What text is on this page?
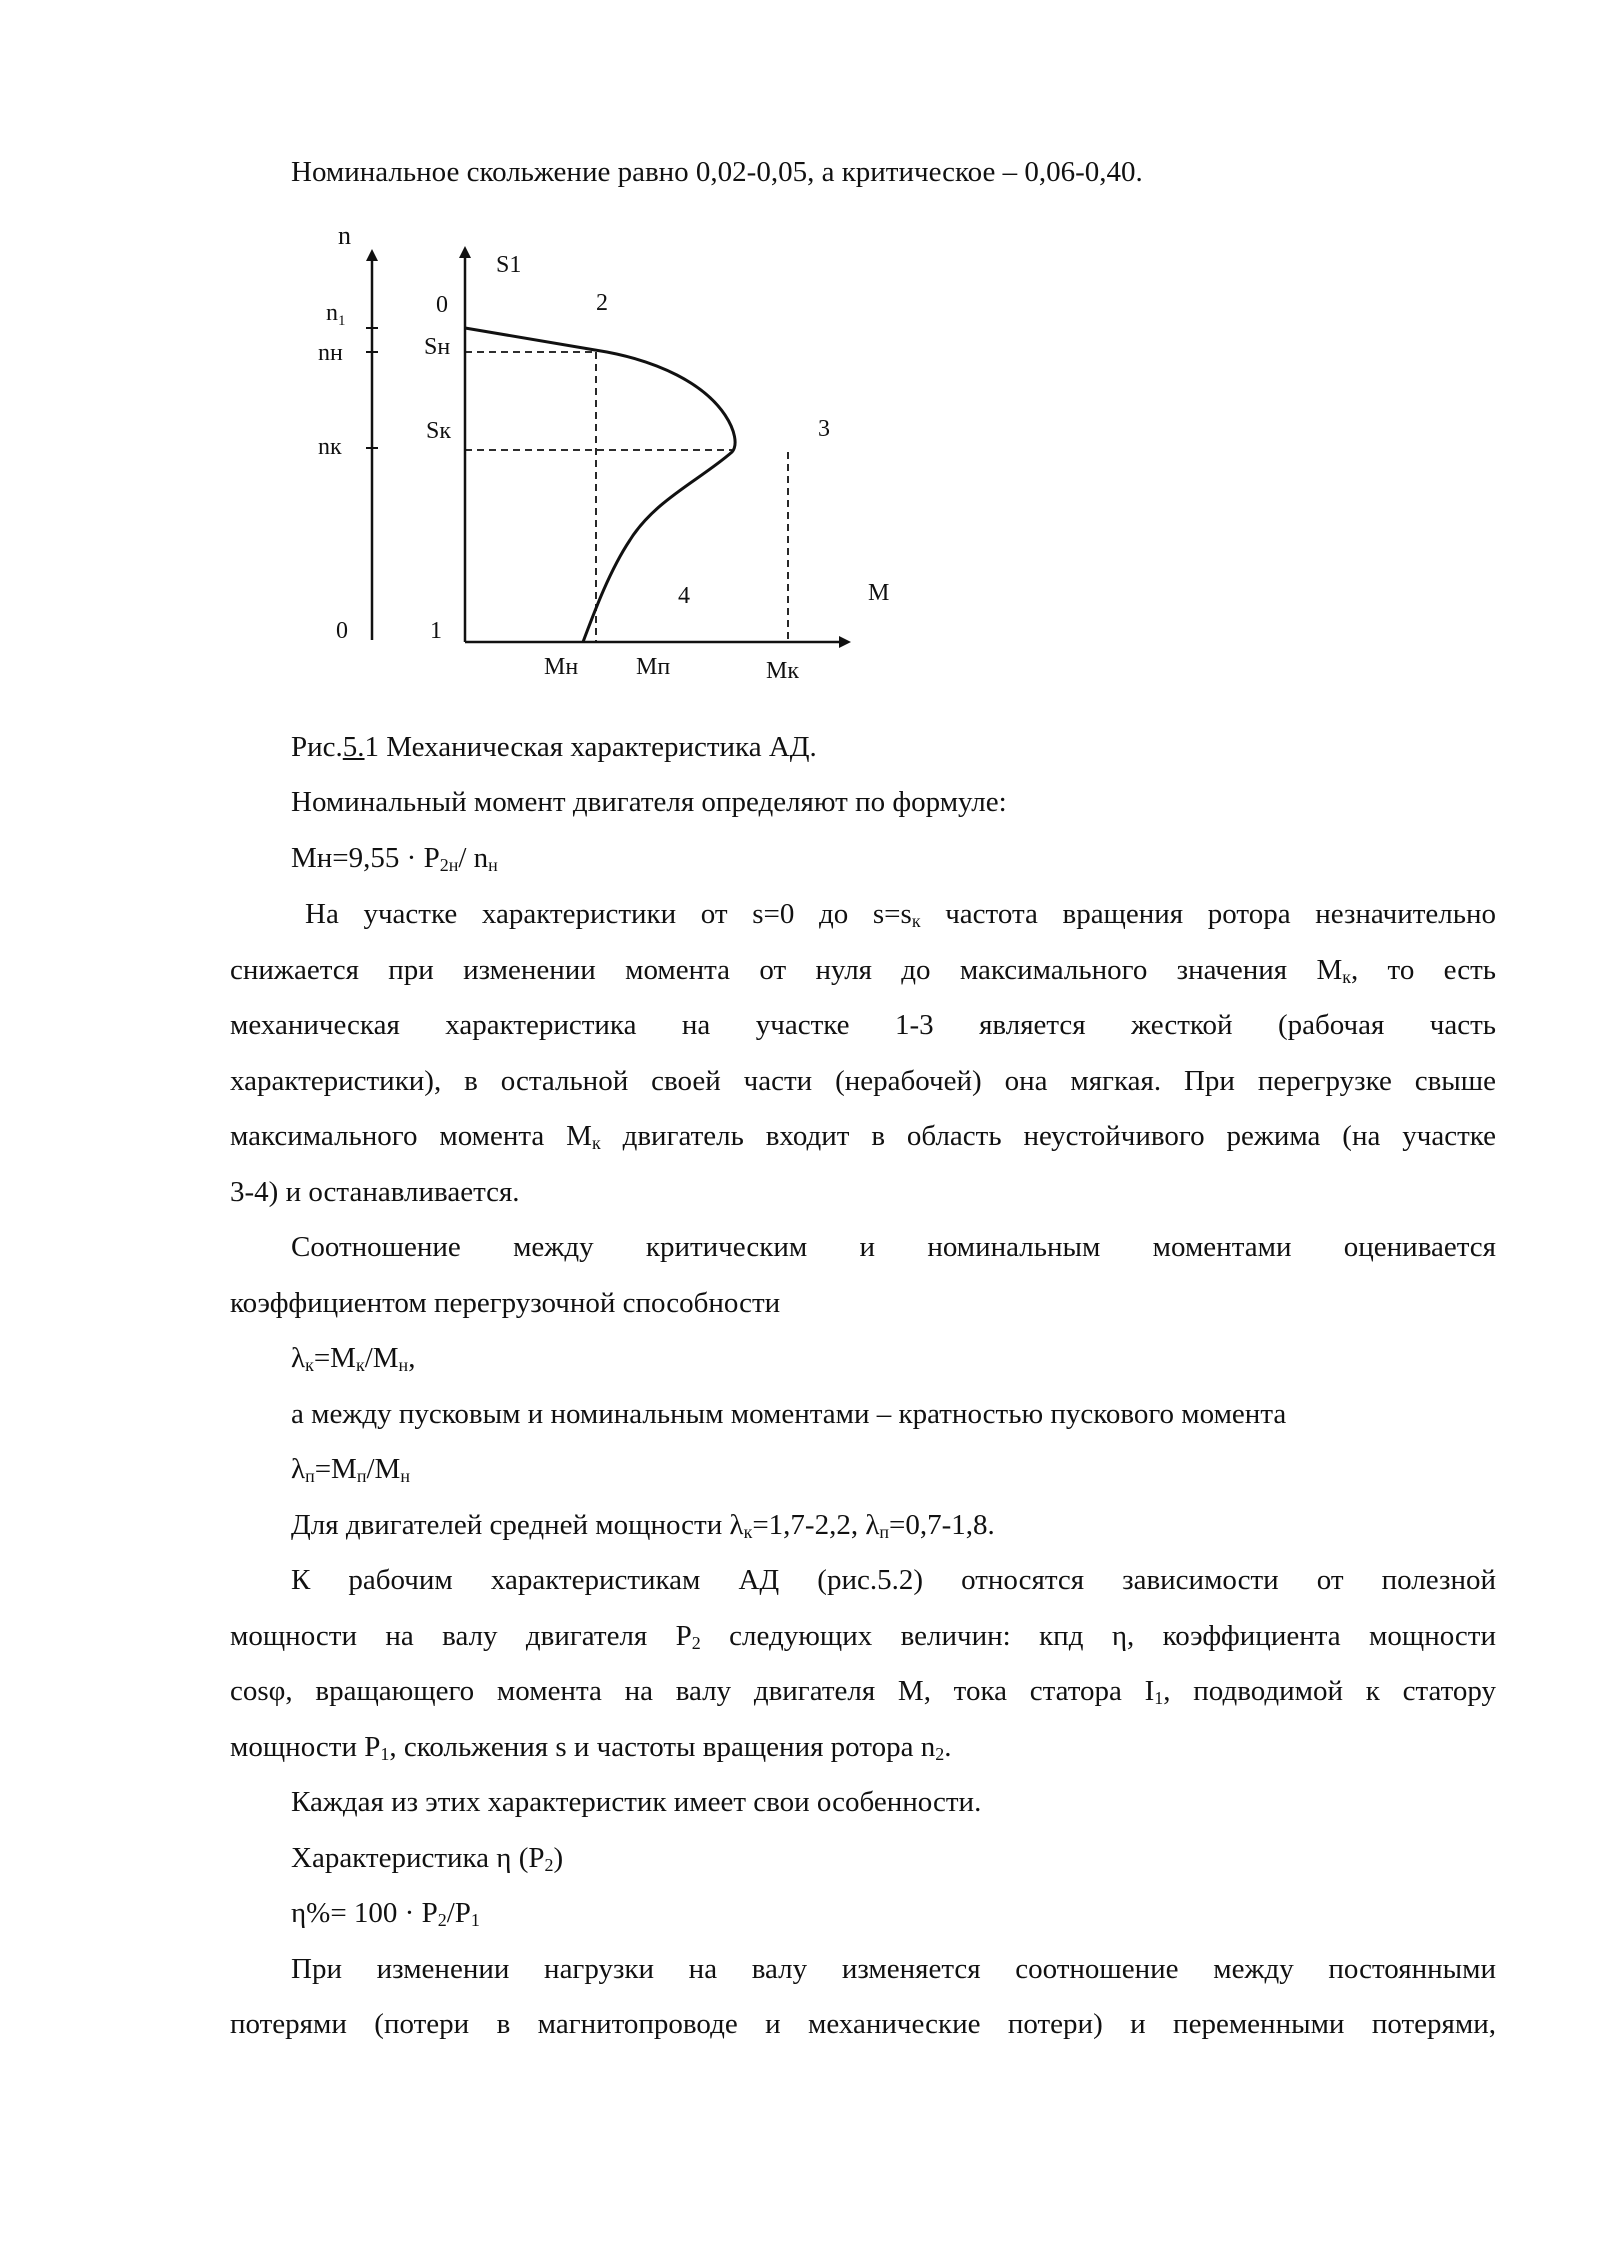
Номинальное скольжение равно 0,02-0,05, а критическое – 0,06-0,40.
n
$n_1$
nн
nк
0
S1
0
Sн
Sк
1
2
3
4	M
Mн Mп	Mк
Рис.5.1 Механическая характеристика АД.
Номинальный момент двигателя определяют по формуле:
$Mн=9,55 \cdot P_{2н}/$ $n_н$
На участке характеристики от s=0 до $s=s_к$ частота вращения ротора незначительно
снижается при изменении момента от нуля до максимального значения $M_к$, то есть
механическая характеристика на участке 1-3 является жесткой (рабочая часть
характеристики), в остальной своей части (нерабочей) она мягкая. При перегрузке свыше
максимального момента $M_к$ двигатель входит в область неустойчивого режима (на участке
3-4) и останавливается.
Соотношение между критическим и номинальным моментами оценивается
коэффициентом перегрузочной способности
$\lambda_к=M_к/M_н$,
а между пусковым и номинальным моментами – кратностью пускового момента
$\lambda_п=M_п/M_н$
Для двигателей средней мощности $\lambda_к=1,7-2,2$, $\lambda_п=0,7-1,8$.
К рабочим характеристикам АД (рис.5.2) относятся зависимости от полезной
мощности на валу двигателя $P_2$ следующих величин: кпд η, коэффициента мощности
cosφ, вращающего момента на валу двигателя M, тока статора $I_1$, подводимой к статору
мощности $P_1$, скольжения s и частоты вращения ротора $n_2$.
Каждая из этих характеристик имеет свои особенности.
Характеристика η $(P_2)$
$\eta\%= 100 \cdot P_2/P_1$
При изменении нагрузки на валу изменяется соотношение между постоянными
потерями (потери в магнитопроводе и механические потери) и переменными потерями,
